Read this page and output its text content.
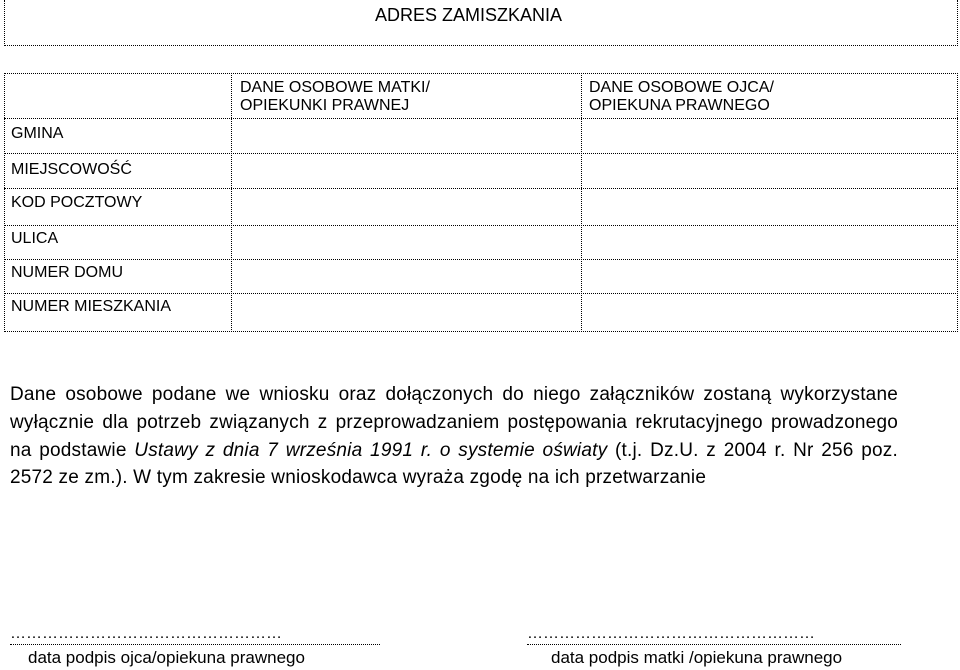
ADRES ZAMISZKANIA
DANE OSOBOWE MATKI/
OPIEKUNKI PRAWNEJ
DANE OSOBOWE OJCA/
OPIEKUNA PRAWNEGO
GMINA
MIEJSCOWOŚĆ
KOD POCZTOWY
ULICA
NUMER DOMU
NUMER MIESZKANIA
Dane osobowe podane we wniosku oraz dołączonych do niego załączników zostaną wykorzystane wyłącznie dla potrzeb związanych z przeprowadzaniem postępowania rekrutacyjnego prowadzonego na podstawie Ustawy z dnia 7 września 1991 r. o systemie oświaty (t.j. Dz.U. z 2004 r. Nr 256 poz. 2572 ze zm.). W tym zakresie wnioskodawca wyraża zgodę na ich przetwarzanie
……………………………………………
data podpis ojca/opiekuna prawnego
………………………………………………
data podpis matki /opiekuna prawnego
